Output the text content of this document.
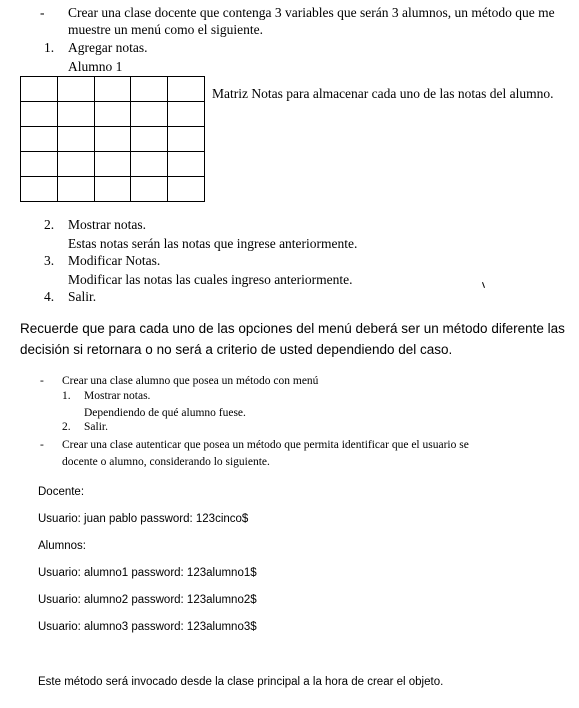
- Crear una clase docente que contenga 3 variables que serán 3 alumnos, un método que me
muestre un menú como el siguiente.
1. Agregar notas.
Alumno 1

Matriz Notas para almacenar cada uno de las notas del alumno.
2. Mostrar notas.
Estas notas serán las notas que ingrese anteriormente.
3. Modificar Notas.
Modificar las notas las cuales ingreso anteriormente.
4. Salir.
Recuerde que para cada uno de las opciones del menú deberá ser un método diferente las
decisión si retornara o no será a criterio de usted dependiendo del caso.
- Crear una clase alumno que posea un método con menú
1. Mostrar notas.
Dependiendo de qué alumno fuese.
2. Salir.
- Crear una clase autenticar que posea un método que permita identificar que el usuario se
docente o alumno, considerando lo siguiente.
Docente:
Usuario: juan pablo password: 123cinco$
Alumnos:
Usuario: alumno1 password: 123alumno1$
Usuario: alumno2 password: 123alumno2$
Usuario: alumno3 password: 123alumno3$
Este método será invocado desde la clase principal a la hora de crear el objeto.
